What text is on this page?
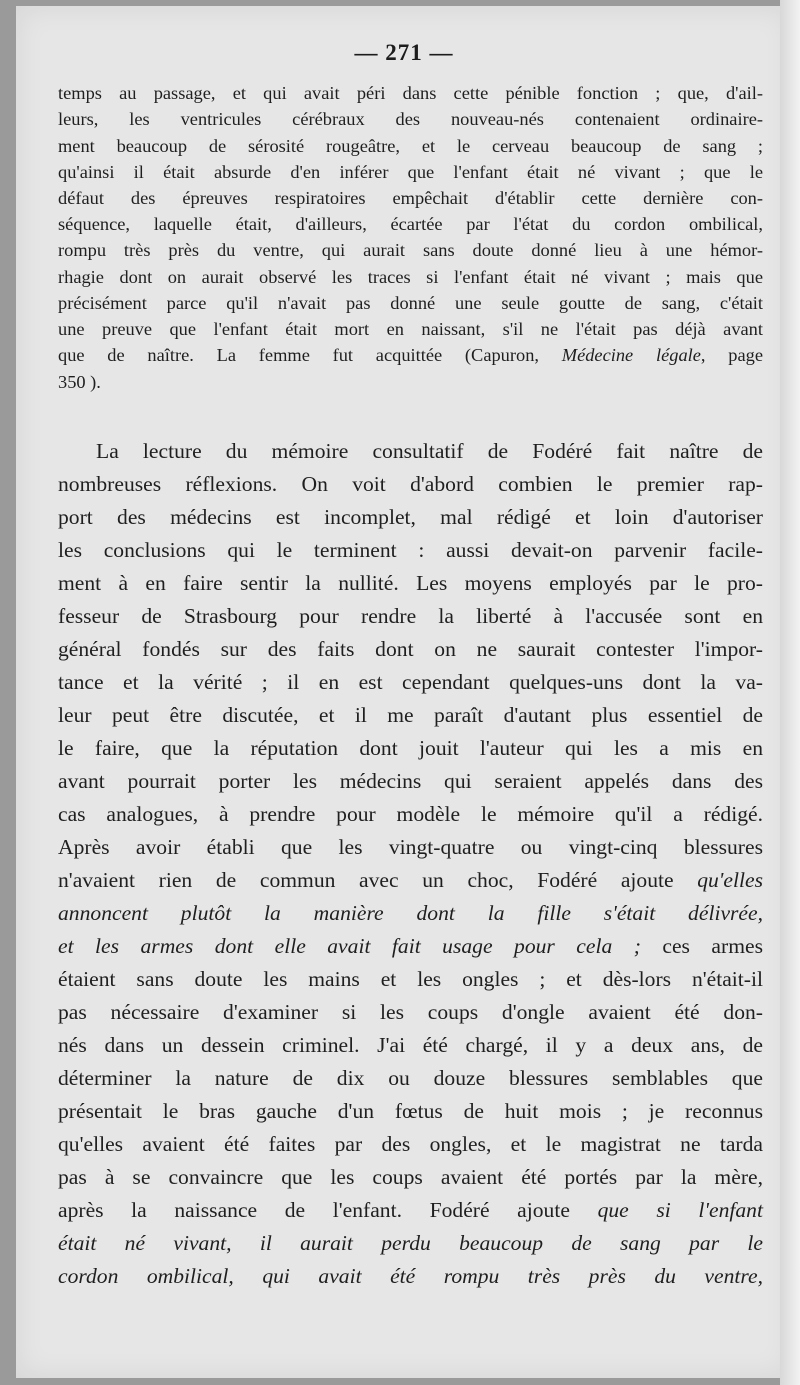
— 271 —
temps au passage, et qui avait péri dans cette pénible fonction ; que, d'ail-
leurs, les ventricules cérébraux des nouveau-nés contenaient ordinaire-
ment beaucoup de sérosité rougeâtre, et le cerveau beaucoup de sang ;
qu'ainsi il était absurde d'en inférer que l'enfant était né vivant ; que le
défaut des épreuves respiratoires empêchait d'établir cette dernière con-
séquence, laquelle était, d'ailleurs, écartée par l'état du cordon ombilical,
rompu très près du ventre, qui aurait sans doute donné lieu à une hémor-
rhagie dont on aurait observé les traces si l'enfant était né vivant ; mais que
précisément parce qu'il n'avait pas donné une seule goutte de sang, c'était
une preuve que l'enfant était mort en naissant, s'il ne l'était pas déjà avant
que de naître. La femme fut acquittée (Capuron, Médecine légale, page
350 ).
La lecture du mémoire consultatif de Fodéré fait naître de
nombreuses réflexions. On voit d'abord combien le premier rap-
port des médecins est incomplet, mal rédigé et loin d'autoriser
les conclusions qui le terminent : aussi devait-on parvenir facile-
ment à en faire sentir la nullité. Les moyens employés par le pro-
fesseur de Strasbourg pour rendre la liberté à l'accusée sont en
général fondés sur des faits dont on ne saurait contester l'impor-
tance et la vérité ; il en est cependant quelques-uns dont la va-
leur peut être discutée, et il me paraît d'autant plus essentiel de
le faire, que la réputation dont jouit l'auteur qui les a mis en
avant pourrait porter les médecins qui seraient appelés dans des
cas analogues, à prendre pour modèle le mémoire qu'il a rédigé.
Après avoir établi que les vingt-quatre ou vingt-cinq blessures
n'avaient rien de commun avec un choc, Fodéré ajoute qu'elles
annoncent plutôt la manière dont la fille s'était délivrée,
et les armes dont elle avait fait usage pour cela ; ces armes
étaient sans doute les mains et les ongles ; et dès-lors n'était-il
pas nécessaire d'examiner si les coups d'ongle avaient été don-
nés dans un dessein criminel. J'ai été chargé, il y a deux ans, de
déterminer la nature de dix ou douze blessures semblables que
présentait le bras gauche d'un fœtus de huit mois ; je reconnus
qu'elles avaient été faites par des ongles, et le magistrat ne tarda
pas à se convaincre que les coups avaient été portés par la mère,
après la naissance de l'enfant. Fodéré ajoute que si l'enfant
était né vivant, il aurait perdu beaucoup de sang par le
cordon ombilical, qui avait été rompu très près du ventre,
